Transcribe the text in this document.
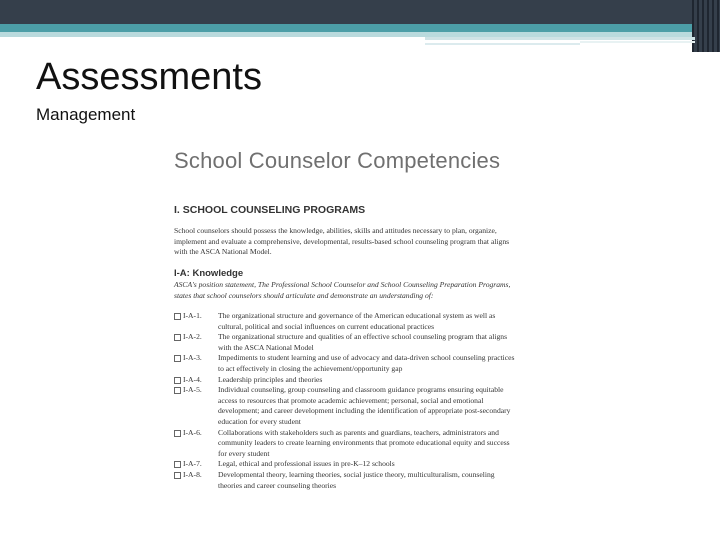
Assessments
Management
School Counselor Competencies
I. SCHOOL COUNSELING PROGRAMS
School counselors should possess the knowledge, abilities, skills and attitudes necessary to plan, organize, implement and evaluate a comprehensive, developmental, results-based school counseling program that aligns with the ASCA National Model.
I-A: Knowledge
ASCA's position statement, The Professional School Counselor and School Counseling Preparation Programs, states that school counselors should articulate and demonstrate an understanding of:
I-A-1. The organizational structure and governance of the American educational system as well as cultural, political and social influences on current educational practices
I-A-2. The organizational structure and qualities of an effective school counseling program that aligns with the ASCA National Model
I-A-3. Impediments to student learning and use of advocacy and data-driven school counseling practices to act effectively in closing the achievement/opportunity gap
I-A-4. Leadership principles and theories
I-A-5. Individual counseling, group counseling and classroom guidance programs ensuring equitable access to resources that promote academic achievement; personal, social and emotional development; and career development including the identification of appropriate post-secondary education for every student
I-A-6. Collaborations with stakeholders such as parents and guardians, teachers, administrators and community leaders to create learning environments that promote educational equity and success for every student
I-A-7. Legal, ethical and professional issues in pre-K–12 schools
I-A-8. Developmental theory, learning theories, social justice theory, multiculturalism, counseling theories and career counseling theories
